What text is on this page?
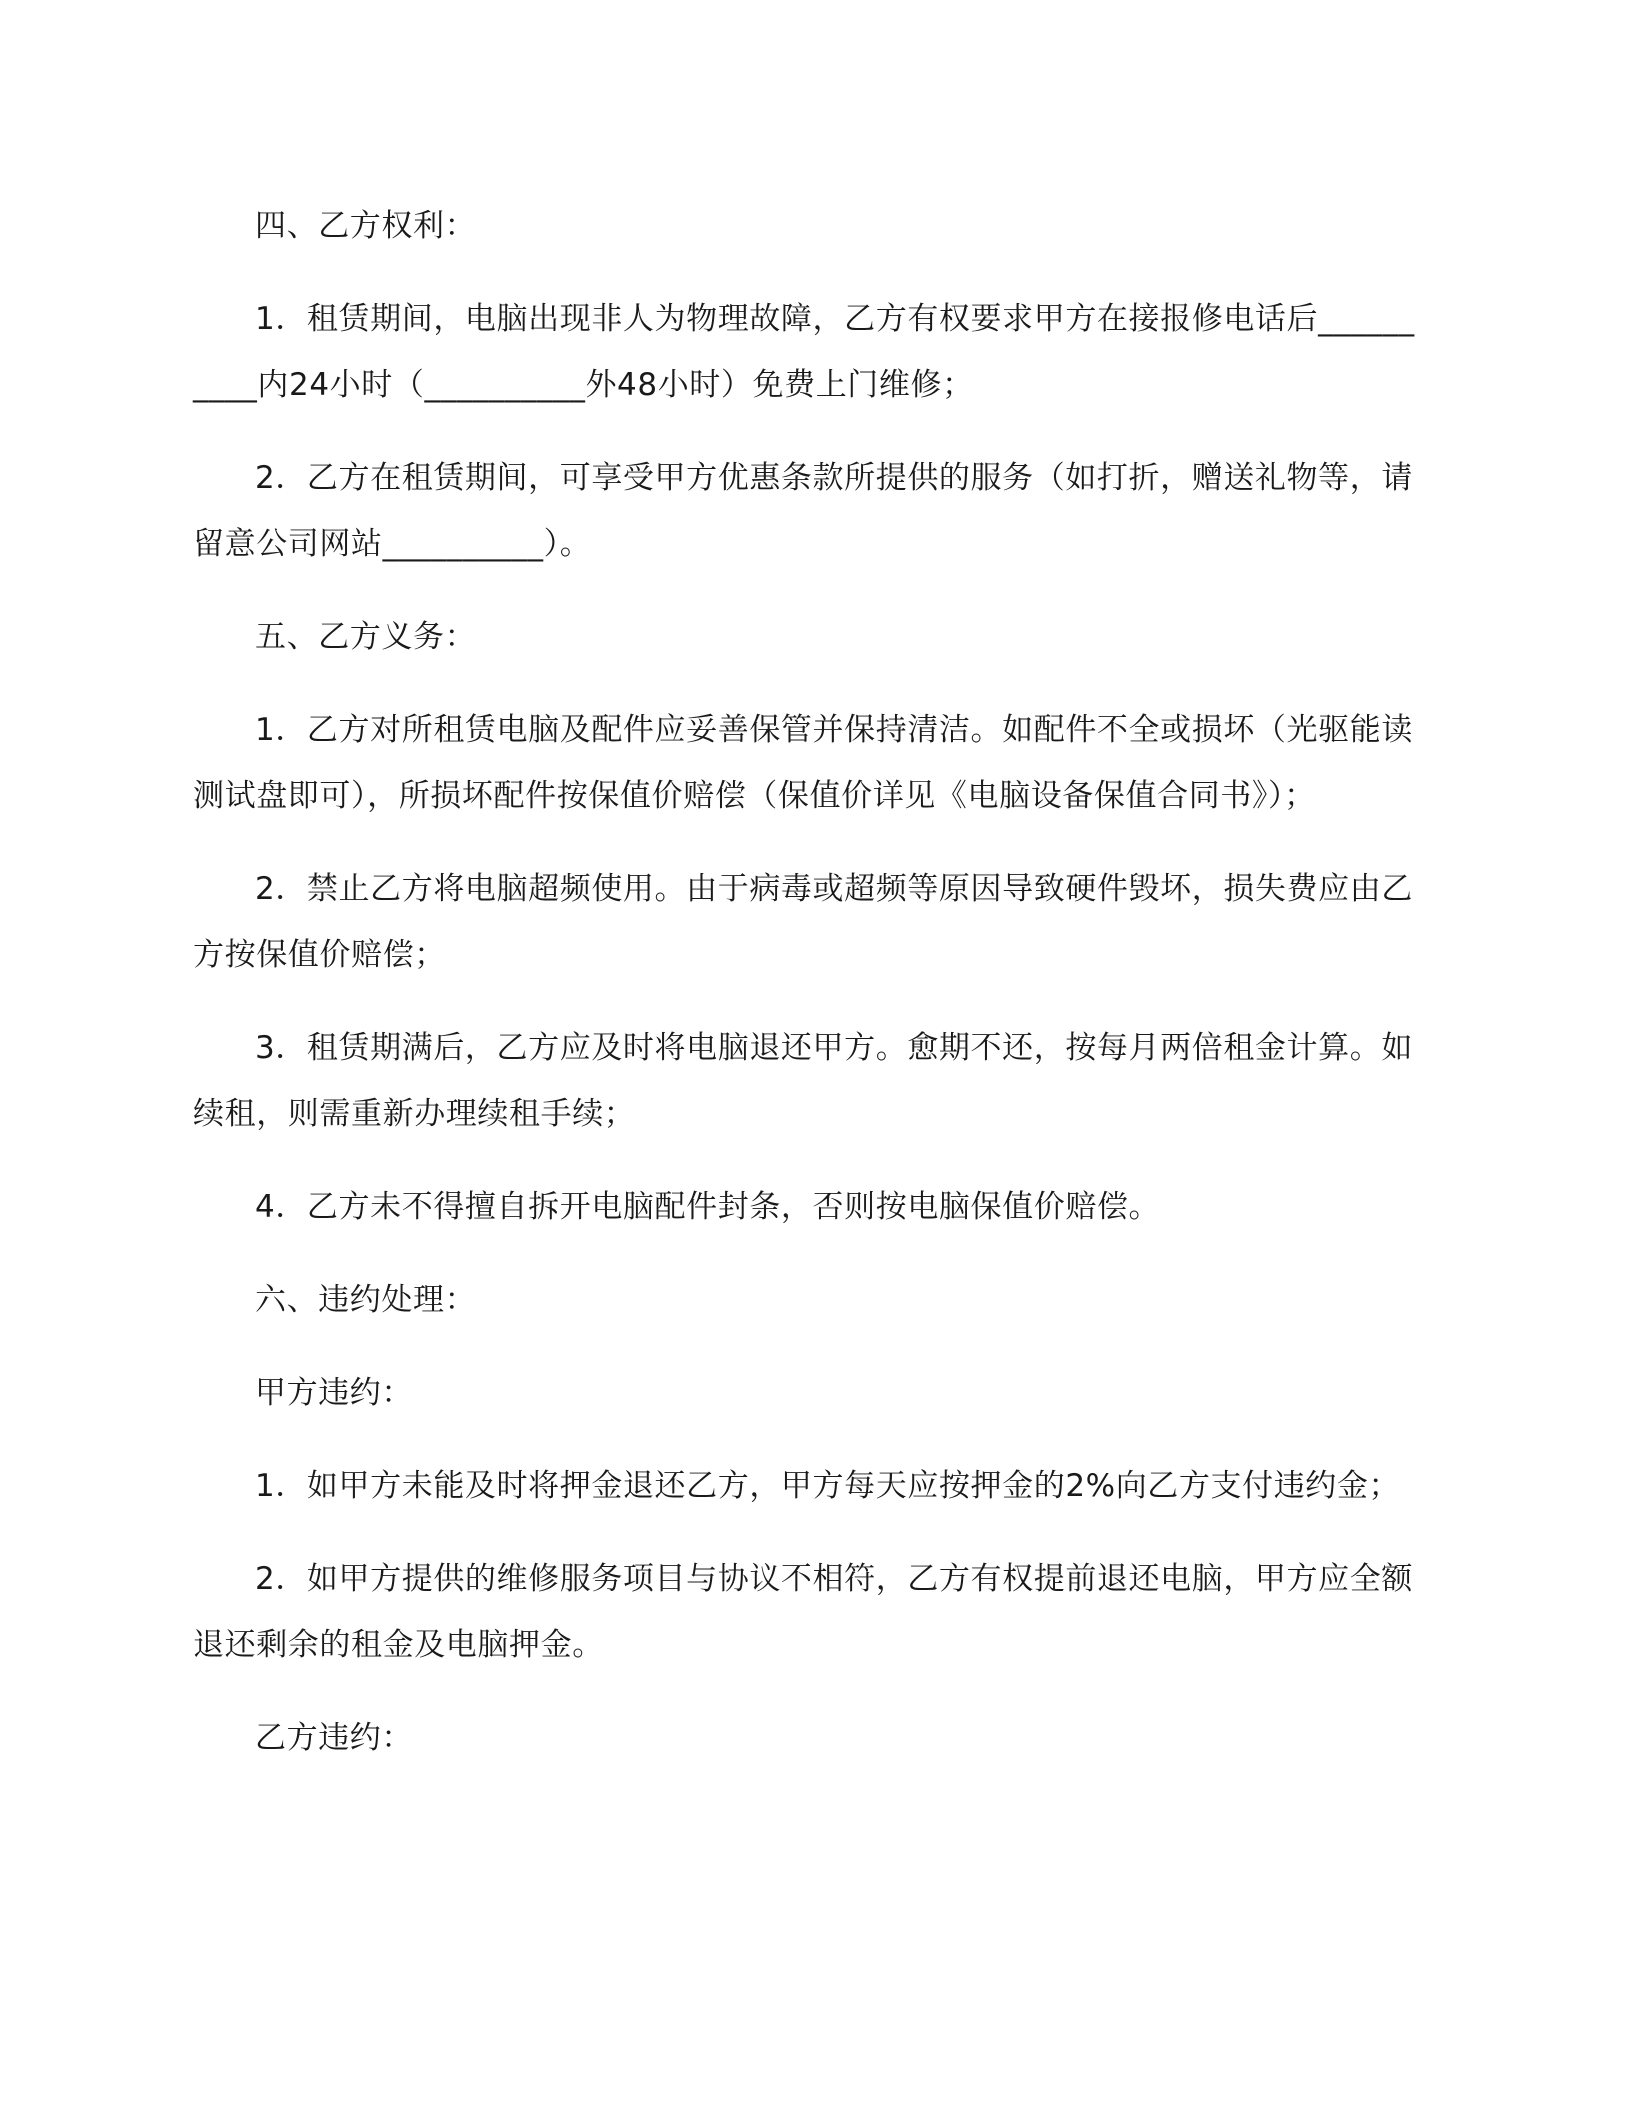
四、乙方权利：

1．租赁期间，电脑出现非人为物理故障，乙方有权要求甲方在接报修电话后__________内24小时（__________外48小时）免费上门维修；

2．乙方在租赁期间，可享受甲方优惠条款所提供的服务（如打折，赠送礼物等，请留意公司网站__________）。

五、乙方义务：

1．乙方对所租赁电脑及配件应妥善保管并保持清洁。如配件不全或损坏（光驱能读测试盘即可），所损坏配件按保值价赔偿（保值价详见《电脑设备保值合同书》）；

2．禁止乙方将电脑超频使用。由于病毒或超频等原因导致硬件毁坏，损失费应由乙方按保值价赔偿；

3．租赁期满后，乙方应及时将电脑退还甲方。愈期不还，按每月两倍租金计算。如续租，则需重新办理续租手续；

4．乙方未不得擅自拆开电脑配件封条，否则按电脑保值价赔偿。

六、违约处理：

甲方违约：

1．如甲方未能及时将押金退还乙方，甲方每天应按押金的2%向乙方支付违约金；

2．如甲方提供的维修服务项目与协议不相符，乙方有权提前退还电脑，甲方应全额退还剩余的租金及电脑押金。

乙方违约：
